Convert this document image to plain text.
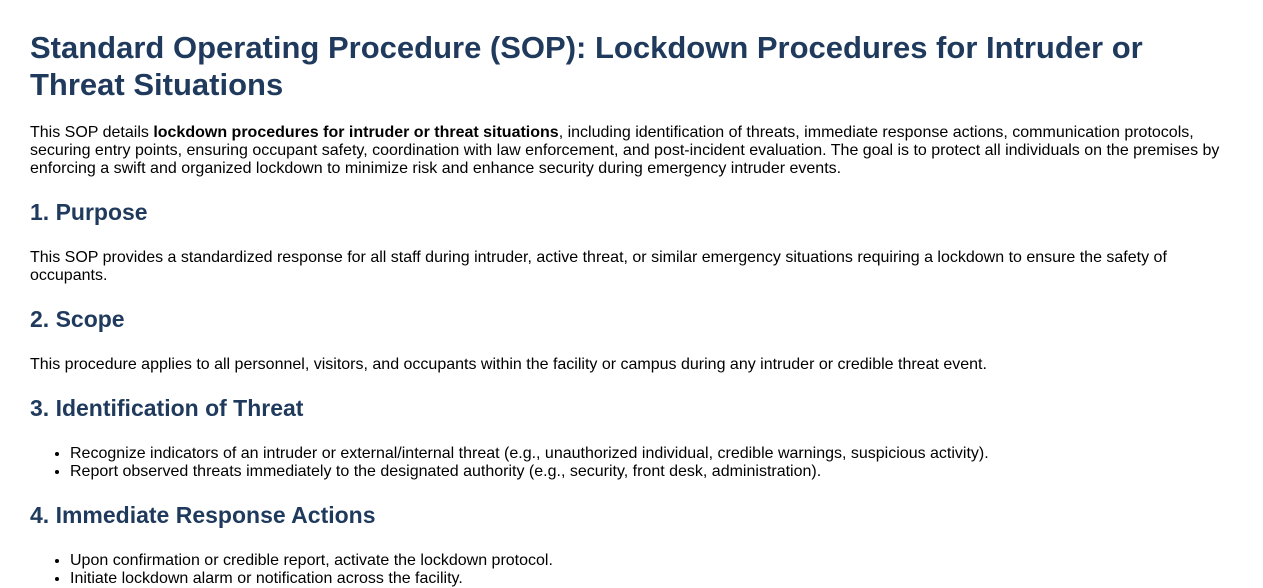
Standard Operating Procedure (SOP): Lockdown Procedures for Intruder or Threat Situations

This SOP details lockdown procedures for intruder or threat situations, including identification of threats, immediate response actions, communication protocols, securing entry points, ensuring occupant safety, coordination with law enforcement, and post-incident evaluation. The goal is to protect all individuals on the premises by enforcing a swift and organized lockdown to minimize risk and enhance security during emergency intruder events.

1. Purpose

This SOP provides a standardized response for all staff during intruder, active threat, or similar emergency situations requiring a lockdown to ensure the safety of occupants.

2. Scope

This procedure applies to all personnel, visitors, and occupants within the facility or campus during any intruder or credible threat event.

3. Identification of Threat
• Recognize indicators of an intruder or external/internal threat (e.g., unauthorized individual, credible warnings, suspicious activity).
• Report observed threats immediately to the designated authority (e.g., security, front desk, administration).
4. Immediate Response Actions
• Upon confirmation or credible report, activate the lockdown protocol.
• Initiate lockdown alarm or notification across the facility.
